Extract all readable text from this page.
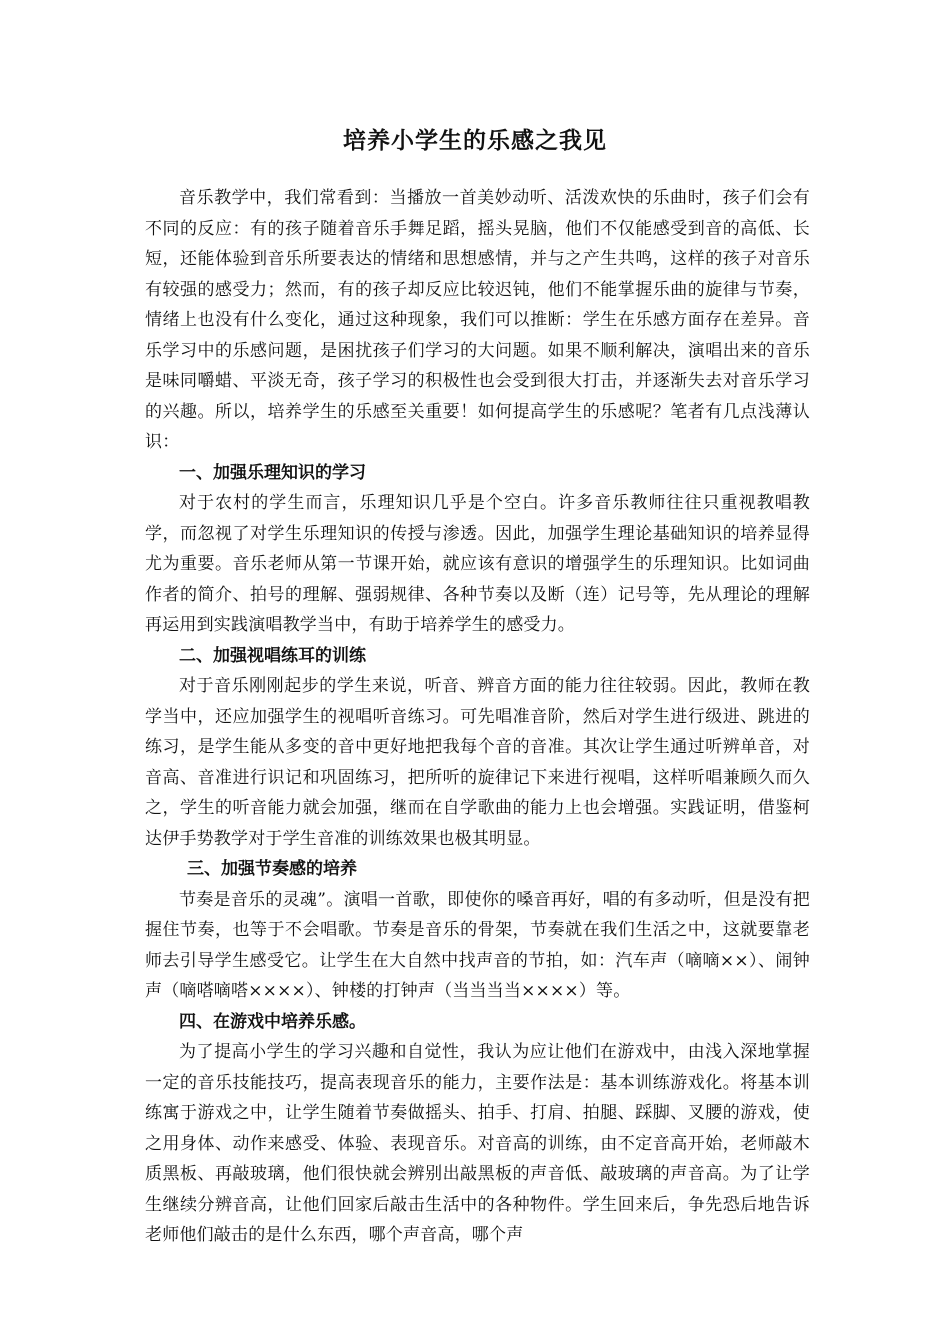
培养小学生的乐感之我见

音乐教学中，我们常看到：当播放一首美妙动听、活泼欢快的乐曲时，孩子们会有不同的反应：有的孩子随着音乐手舞足蹈，摇头晃脑，他们不仅能感受到音的高低、长短，还能体验到音乐所要表达的情绪和思想感情，并与之产生共鸣，这样的孩子对音乐有较强的感受力；然而，有的孩子却反应比较迟钝，他们不能掌握乐曲的旋律与节奏，情绪上也没有什么变化，通过这种现象，我们可以推断：学生在乐感方面存在差异。音乐学习中的乐感问题，是困扰孩子们学习的大问题。如果不顺利解决，演唱出来的音乐是味同嚼蜡、平淡无奇，孩子学习的积极性也会受到很大打击，并逐渐失去对音乐学习的兴趣。所以，培养学生的乐感至关重要！如何提高学生的乐感呢？笔者有几点浅薄认识：

一、加强乐理知识的学习

对于农村的学生而言，乐理知识几乎是个空白。许多音乐教师往往只重视教唱教学，而忽视了对学生乐理知识的传授与渗透。因此，加强学生理论基础知识的培养显得尤为重要。音乐老师从第一节课开始，就应该有意识的增强学生的乐理知识。比如词曲作者的简介、拍号的理解、强弱规律、各种节奏以及断（连）记号等，先从理论的理解再运用到实践演唱教学当中，有助于培养学生的感受力。

二、加强视唱练耳的训练

对于音乐刚刚起步的学生来说，听音、辨音方面的能力往往较弱。因此，教师在教学当中，还应加强学生的视唱听音练习。可先唱准音阶，然后对学生进行级进、跳进的练习，是学生能从多变的音中更好地把我每个音的音准。其次让学生通过听辨单音，对音高、音准进行识记和巩固练习，把所听的旋律记下来进行视唱，这样听唱兼顾久而久之，学生的听音能力就会加强，继而在自学歌曲的能力上也会增强。实践证明，借鉴柯达伊手势教学对于学生音准的训练效果也极其明显。

三、加强节奏感的培养

节奏是音乐的灵魂”。演唱一首歌，即使你的嗓音再好，唱的有多动听，但是没有把握住节奏，也等于不会唱歌。节奏是音乐的骨架，节奏就在我们生活之中，这就要靠老师去引导学生感受它。让学生在大自然中找声音的节拍，如：汽车声（嘀嘀××）、闹钟声（嘀嗒嘀嗒××××）、钟楼的打钟声（当当当当××××）等。

四、在游戏中培养乐感。

为了提高小学生的学习兴趣和自觉性，我认为应让他们在游戏中，由浅入深地掌握一定的音乐技能技巧，提高表现音乐的能力，主要作法是：基本训练游戏化。将基本训练寓于游戏之中，让学生随着节奏做摇头、拍手、打肩、拍腿、踩脚、叉腰的游戏，使之用身体、动作来感受、体验、表现音乐。对音高的训练，由不定音高开始，老师敲木质黑板、再敲玻璃，他们很快就会辨别出敲黑板的声音低、敲玻璃的声音高。为了让学生继续分辨音高，让他们回家后敲击生活中的各种物件。学生回来后，争先恐后地告诉老师他们敲击的是什么东西，哪个声音高，哪个声
